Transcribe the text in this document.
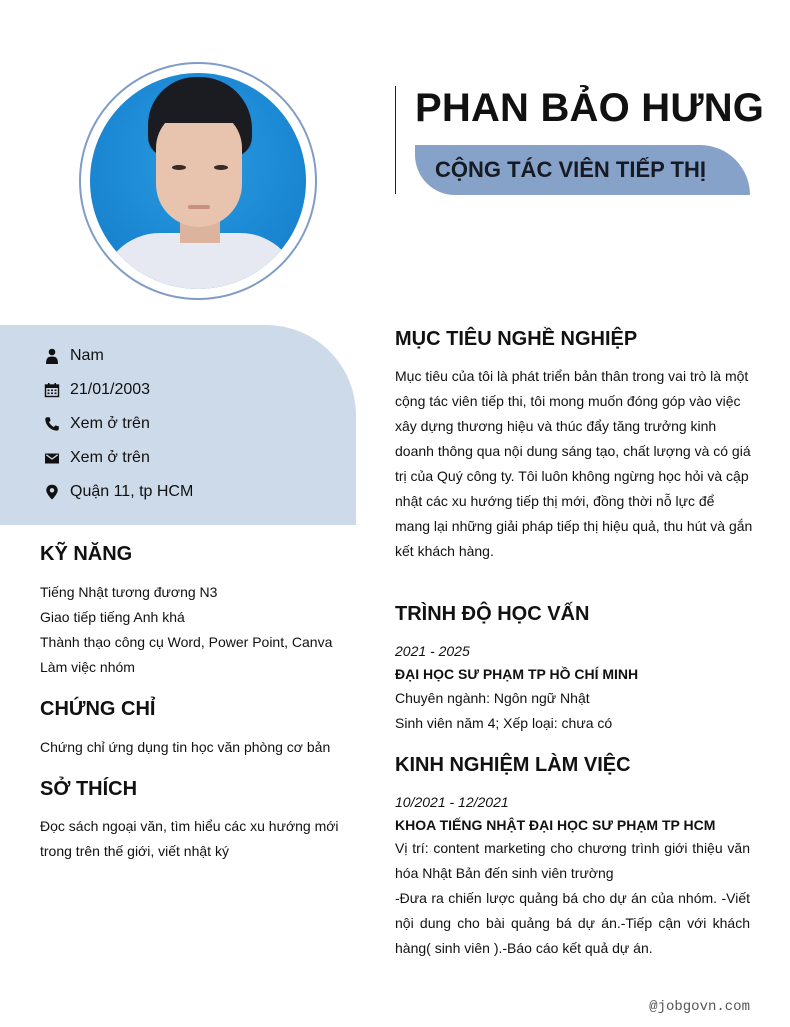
PHAN BẢO HƯNG
CỘNG TÁC VIÊN TIẾP THỊ
Nam
21/01/2003
Xem ở trên
Xem ở trên
Quận 11, tp HCM
KỸ NĂNG
Tiếng Nhật tương đương N3
Giao tiếp tiếng Anh khá
Thành thạo công cụ Word, Power Point, Canva
Làm việc nhóm
CHỨNG CHỈ
Chứng chỉ ứng dụng tin học văn phòng cơ bản
SỞ THÍCH
Đọc sách ngoại văn, tìm hiểu các xu hướng mới trong trên thế giới, viết nhật ký
MỤC TIÊU NGHỀ NGHIỆP
Mục tiêu của tôi là phát triển bản thân trong vai trò là một cộng tác viên tiếp thi, tôi mong muốn đóng góp vào việc xây dựng thương hiệu và thúc đẩy tăng trưởng kinh doanh thông qua nội dung sáng tạo, chất lượng và có giá trị của Quý công ty. Tôi luôn không ngừng học hỏi và cập nhật các xu hướng tiếp thị mới, đồng thời nỗ lực để mang lại những giải pháp tiếp thị hiệu quả, thu hút và gắn kết khách hàng.
TRÌNH ĐỘ HỌC VẤN
2021 - 2025
ĐẠI HỌC SƯ PHẠM TP HỒ CHÍ MINH
Chuyên ngành: Ngôn ngữ Nhật
Sinh viên năm 4; Xếp loại: chưa có
KINH NGHIỆM LÀM VIỆC
10/2021 - 12/2021
KHOA TIẾNG NHẬT ĐẠI HỌC SƯ PHẠM TP HCM
Vị trí: content marketing cho chương trình giới thiệu văn hóa Nhật Bản đến sinh viên trường
-Đưa ra chiến lược quảng bá cho dự án của nhóm. -Viết nội dung cho bài quảng bá dự án.-Tiếp cận với khách hàng( sinh viên ).-Báo cáo kết quả dự án.
@jobgovn.com
